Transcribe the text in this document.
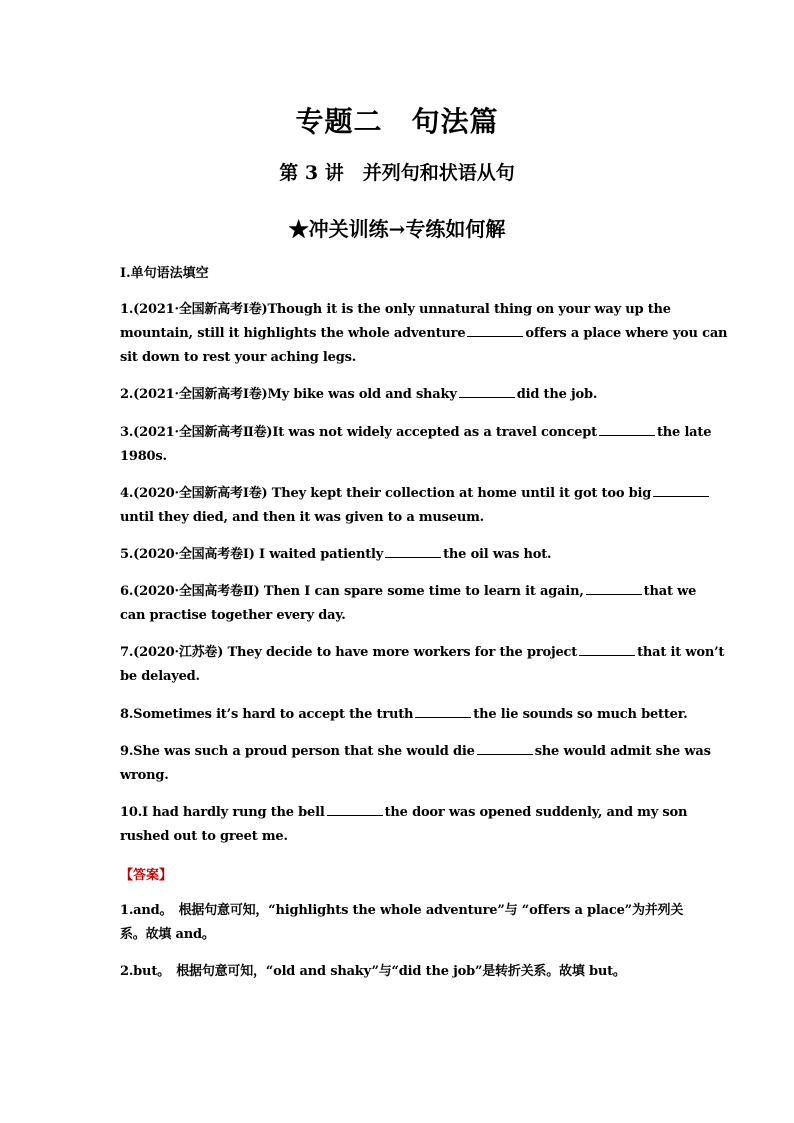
专题二　句法篇
第 3 讲　并列句和状语从句
★冲关训练→专练如何解
Ⅰ.单句语法填空
1.(2021·全国新高考Ⅰ卷)Though it is the only unnatural thing on your way up the
mountain, still it highlights the whole adventure	offers a place where you can
sit down to rest your aching legs.
2.(2021·全国新高考Ⅰ卷)My bike was old and shaky	did the job.
3.(2021·全国新高考Ⅱ卷)It was not widely accepted as a travel concept	the late
1980s.
4.(2020·全国新高考Ⅰ卷) They kept their collection at home until it got too big
until they died, and then it was given to a museum.
5.(2020·全国高考卷Ⅰ) I waited patiently	the oil was hot.
6.(2020·全国高考卷Ⅱ) Then I can spare some time to learn it again,	that we
can practise together every day.
7.(2020·江苏卷) They decide to have more workers for the project	that it won’t
be delayed.
8.Sometimes it’s hard to accept the truth	the lie sounds so much better.
9.She was such a proud person that she would die	she would admit she was
wrong.
10.I had hardly rung the bell	the door was opened suddenly, and my son
rushed out to greet me.
【答案】
1.and。　根据句意可知，“highlights the whole adventure”与 “offers a place”为并列关
系。故填 and。
2.but。　根据句意可知，“old and shaky”与“did the job”是转折关系。故填 but。
